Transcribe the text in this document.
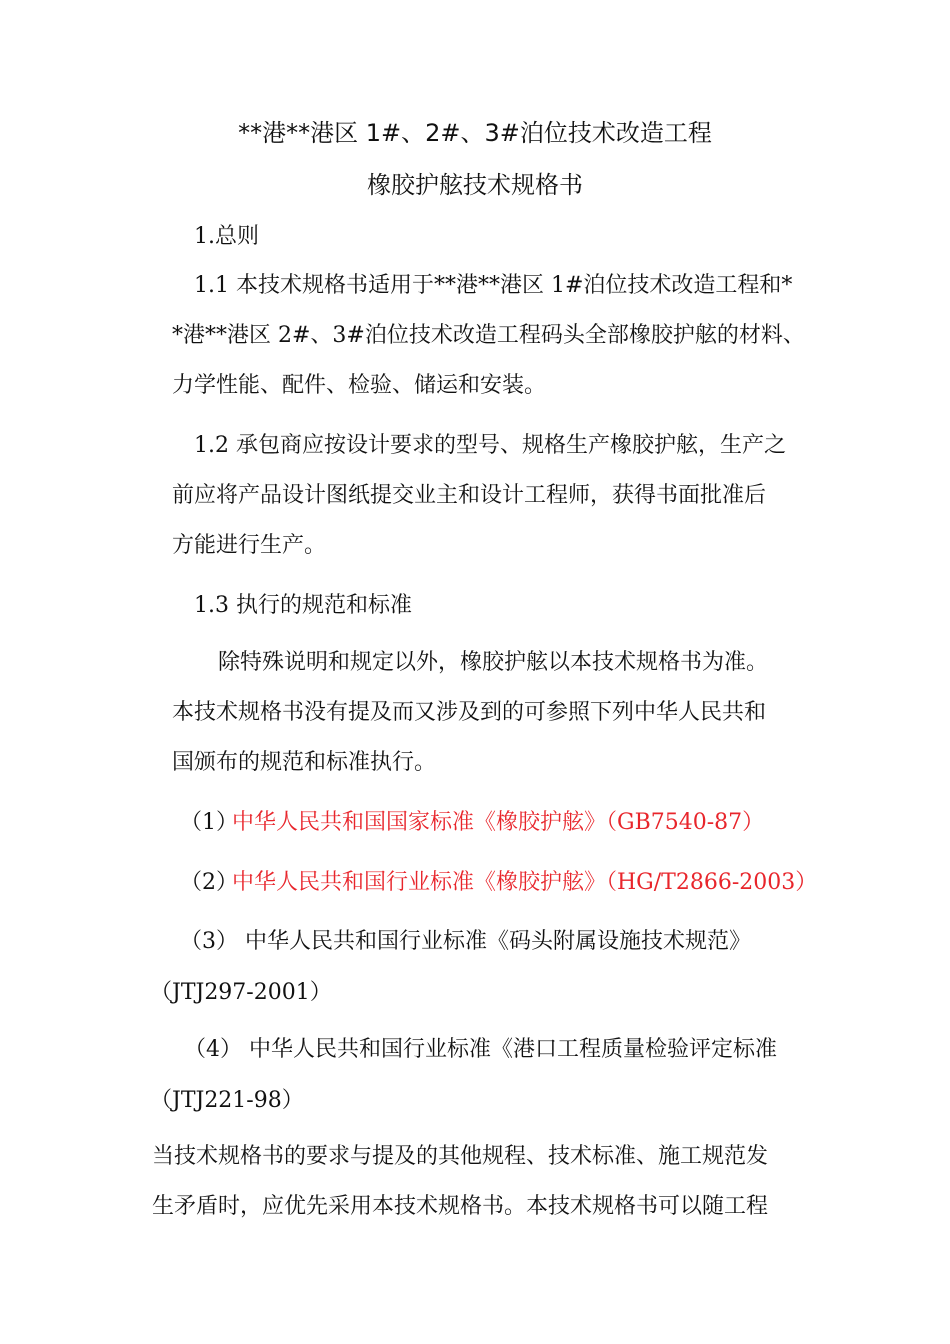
**港**港区 1#、2#、3#泊位技术改造工程
橡胶护舷技术规格书
1.总则
1.1 本技术规格书适用于**港**港区 1#泊位技术改造工程和*
*港**港区 2#、3#泊位技术改造工程码头全部橡胶护舷的材料、
力学性能、配件、检验、储运和安装。
1.2 承包商应按设计要求的型号、规格生产橡胶护舷，生产之
前应将产品设计图纸提交业主和设计工程师，获得书面批准后
方能进行生产。
1.3 执行的规范和标准
除特殊说明和规定以外，橡胶护舷以本技术规格书为准。
本技术规格书没有提及而又涉及到的可参照下列中华人民共和
国颁布的规范和标准执行。
（1）
中华人民共和国国家标准《橡胶护舷》（GB7540-87）
（2）
中华人民共和国行业标准《橡胶护舷》（HG/T2866-2003）
（3） 中华人民共和国行业标准《码头附属设施技术规范》
（JTJ297-2001）
（4） 中华人民共和国行业标准《港口工程质量检验评定标准
（JTJ221-98）
当技术规格书的要求与提及的其他规程、技术标准、施工规范发
生矛盾时，应优先采用本技术规格书。本技术规格书可以随工程
